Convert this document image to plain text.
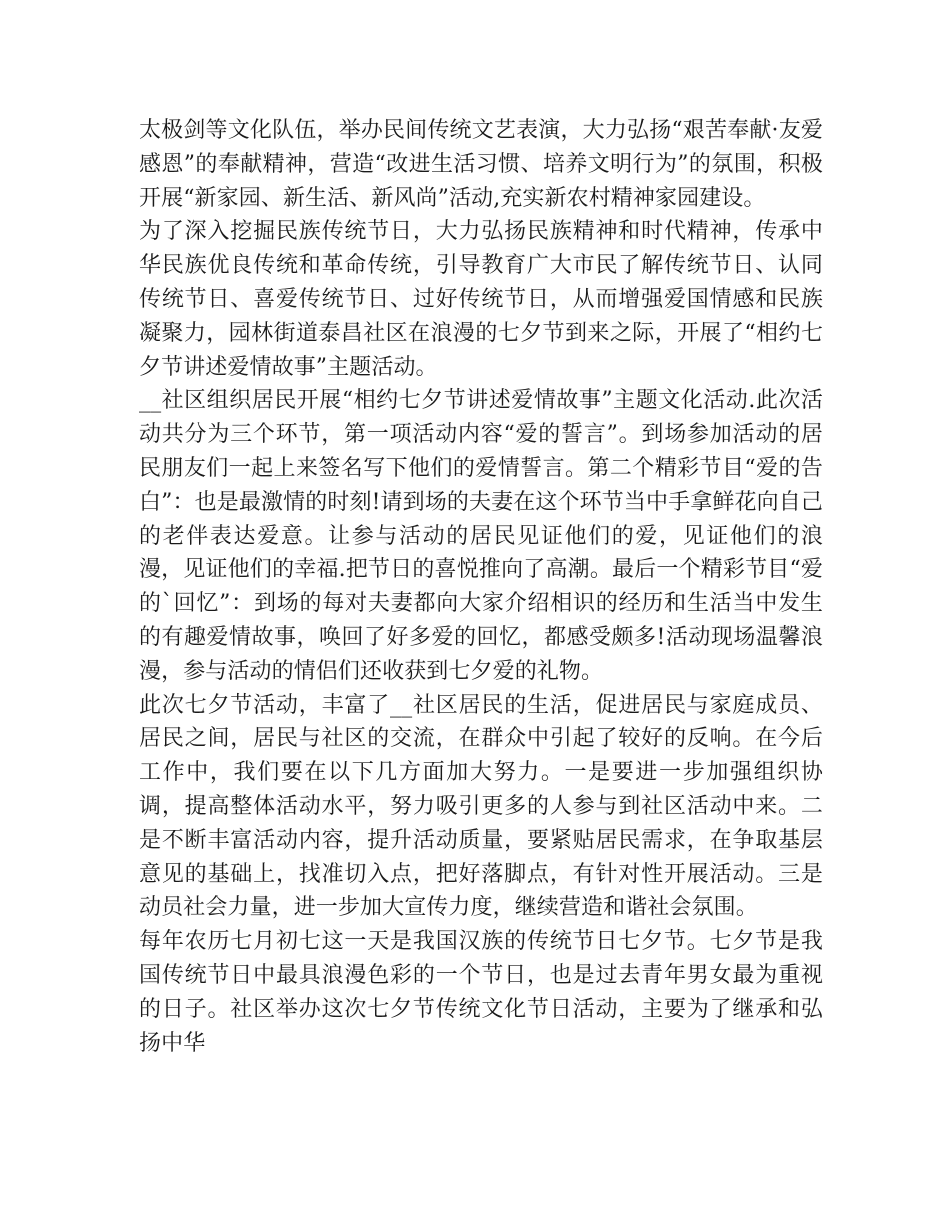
太极剑等文化队伍，举办民间传统文艺表演，大力弘扬“艰苦奉献·友爱感恩”的奉献精神，营造“改进生活习惯、培养文明行为”的氛围，积极开展“新家园、新生活、新风尚”活动,充实新农村精神家园建设。

为了深入挖掘民族传统节日，大力弘扬民族精神和时代精神，传承中华民族优良传统和革命传统，引导教育广大市民了解传统节日、认同传统节日、喜爱传统节日、过好传统节日，从而增强爱国情感和民族凝聚力，园林街道泰昌社区在浪漫的七夕节到来之际，开展了“相约七夕节讲述爱情故事”主题活动。

__社区组织居民开展“相约七夕节讲述爱情故事”主题文化活动.此次活动共分为三个环节，第一项活动内容“爱的誓言”。到场参加活动的居民朋友们一起上来签名写下他们的爱情誓言。第二个精彩节目“爱的告白”：也是最激情的时刻!请到场的夫妻在这个环节当中手拿鲜花向自己的老伴表达爱意。让参与活动的居民见证他们的爱，见证他们的浪漫，见证他们的幸福.把节日的喜悦推向了高潮。最后一个精彩节目“爱的`回忆”：到场的每对夫妻都向大家介绍相识的经历和生活当中发生的有趣爱情故事，唤回了好多爱的回忆，都感受颇多!活动现场温馨浪漫，参与活动的情侣们还收获到七夕爱的礼物。

此次七夕节活动，丰富了__社区居民的生活，促进居民与家庭成员、居民之间，居民与社区的交流，在群众中引起了较好的反响。在今后工作中，我们要在以下几方面加大努力。一是要进一步加强组织协调，提高整体活动水平，努力吸引更多的人参与到社区活动中来。二是不断丰富活动内容，提升活动质量，要紧贴居民需求，在争取基层意见的基础上，找准切入点，把好落脚点，有针对性开展活动。三是动员社会力量，进一步加大宣传力度，继续营造和谐社会氛围。

每年农历七月初七这一天是我国汉族的传统节日七夕节。七夕节是我国传统节日中最具浪漫色彩的一个节日，也是过去青年男女最为重视的日子。社区举办这次七夕节传统文化节日活动，主要为了继承和弘扬中华
